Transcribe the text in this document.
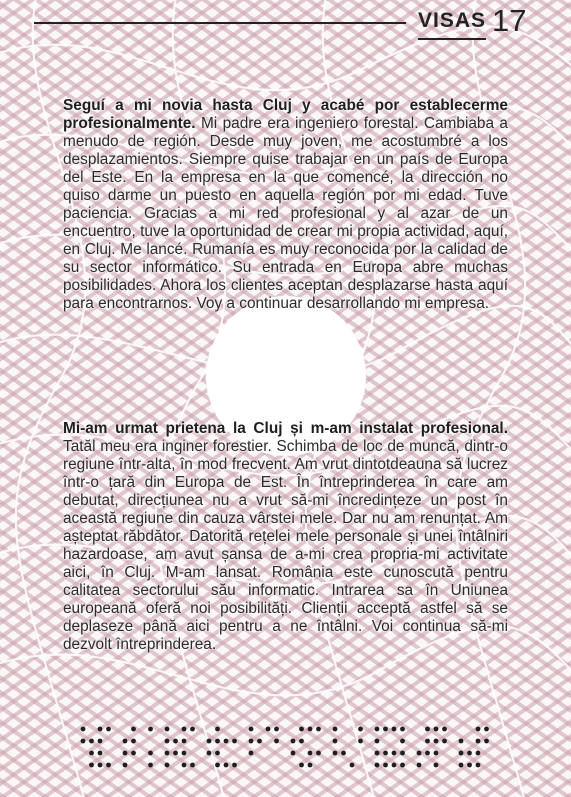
VISAS 17

Seguí a mi novia hasta Cluj y acabé por establecerme profesionalmente. Mi padre era ingeniero forestal. Cambiaba a menudo de región. Desde muy joven, me acostumbré a los desplazamientos. Siempre quise trabajar en un país de Europa del Este. En la empresa en la que comencé, la dirección no quiso darme un puesto en aquella región por mi edad. Tuve paciencia. Gracias a mi red profesional y al azar de un encuentro, tuve la oportunidad de crear mi propia actividad, aquí, en Cluj. Me lancé. Rumanía es muy reconocida por la calidad de su sector informático. Su entrada en Europa abre muchas posibilidades. Ahora los clientes aceptan desplazarse hasta aquí para encontrarnos. Voy a continuar desarrollando mi empresa.

Mi-am urmat prietena la Cluj și m-am instalat profesional. Tatăl meu era inginer forestier. Schimba de loc de muncă, dintr-o regiune într-alta, în mod frecvent. Am vrut dintotdeauna să lucrez într-o țară din Europa de Est. În întreprinderea în care am debutat, direcțiunea nu a vrut să-mi încredințeze un post în această regiune din cauza vârstei mele. Dar nu am renunțat. Am așteptat răbdător. Datorită rețelei mele personale și unei întâlniri hazardoase, am avut șansa de a-mi crea propria-mi activitate aici, în Cluj. M-am lansat. România este cunoscută pentru calitatea sectorului său informatic. Intrarea sa în Uniunea europeană oferă noi posibilități. Clienții acceptă astfel să se deplaseze până aici pentru a ne întâlni. Voi continua să-mi dezvolt întreprinderea.
